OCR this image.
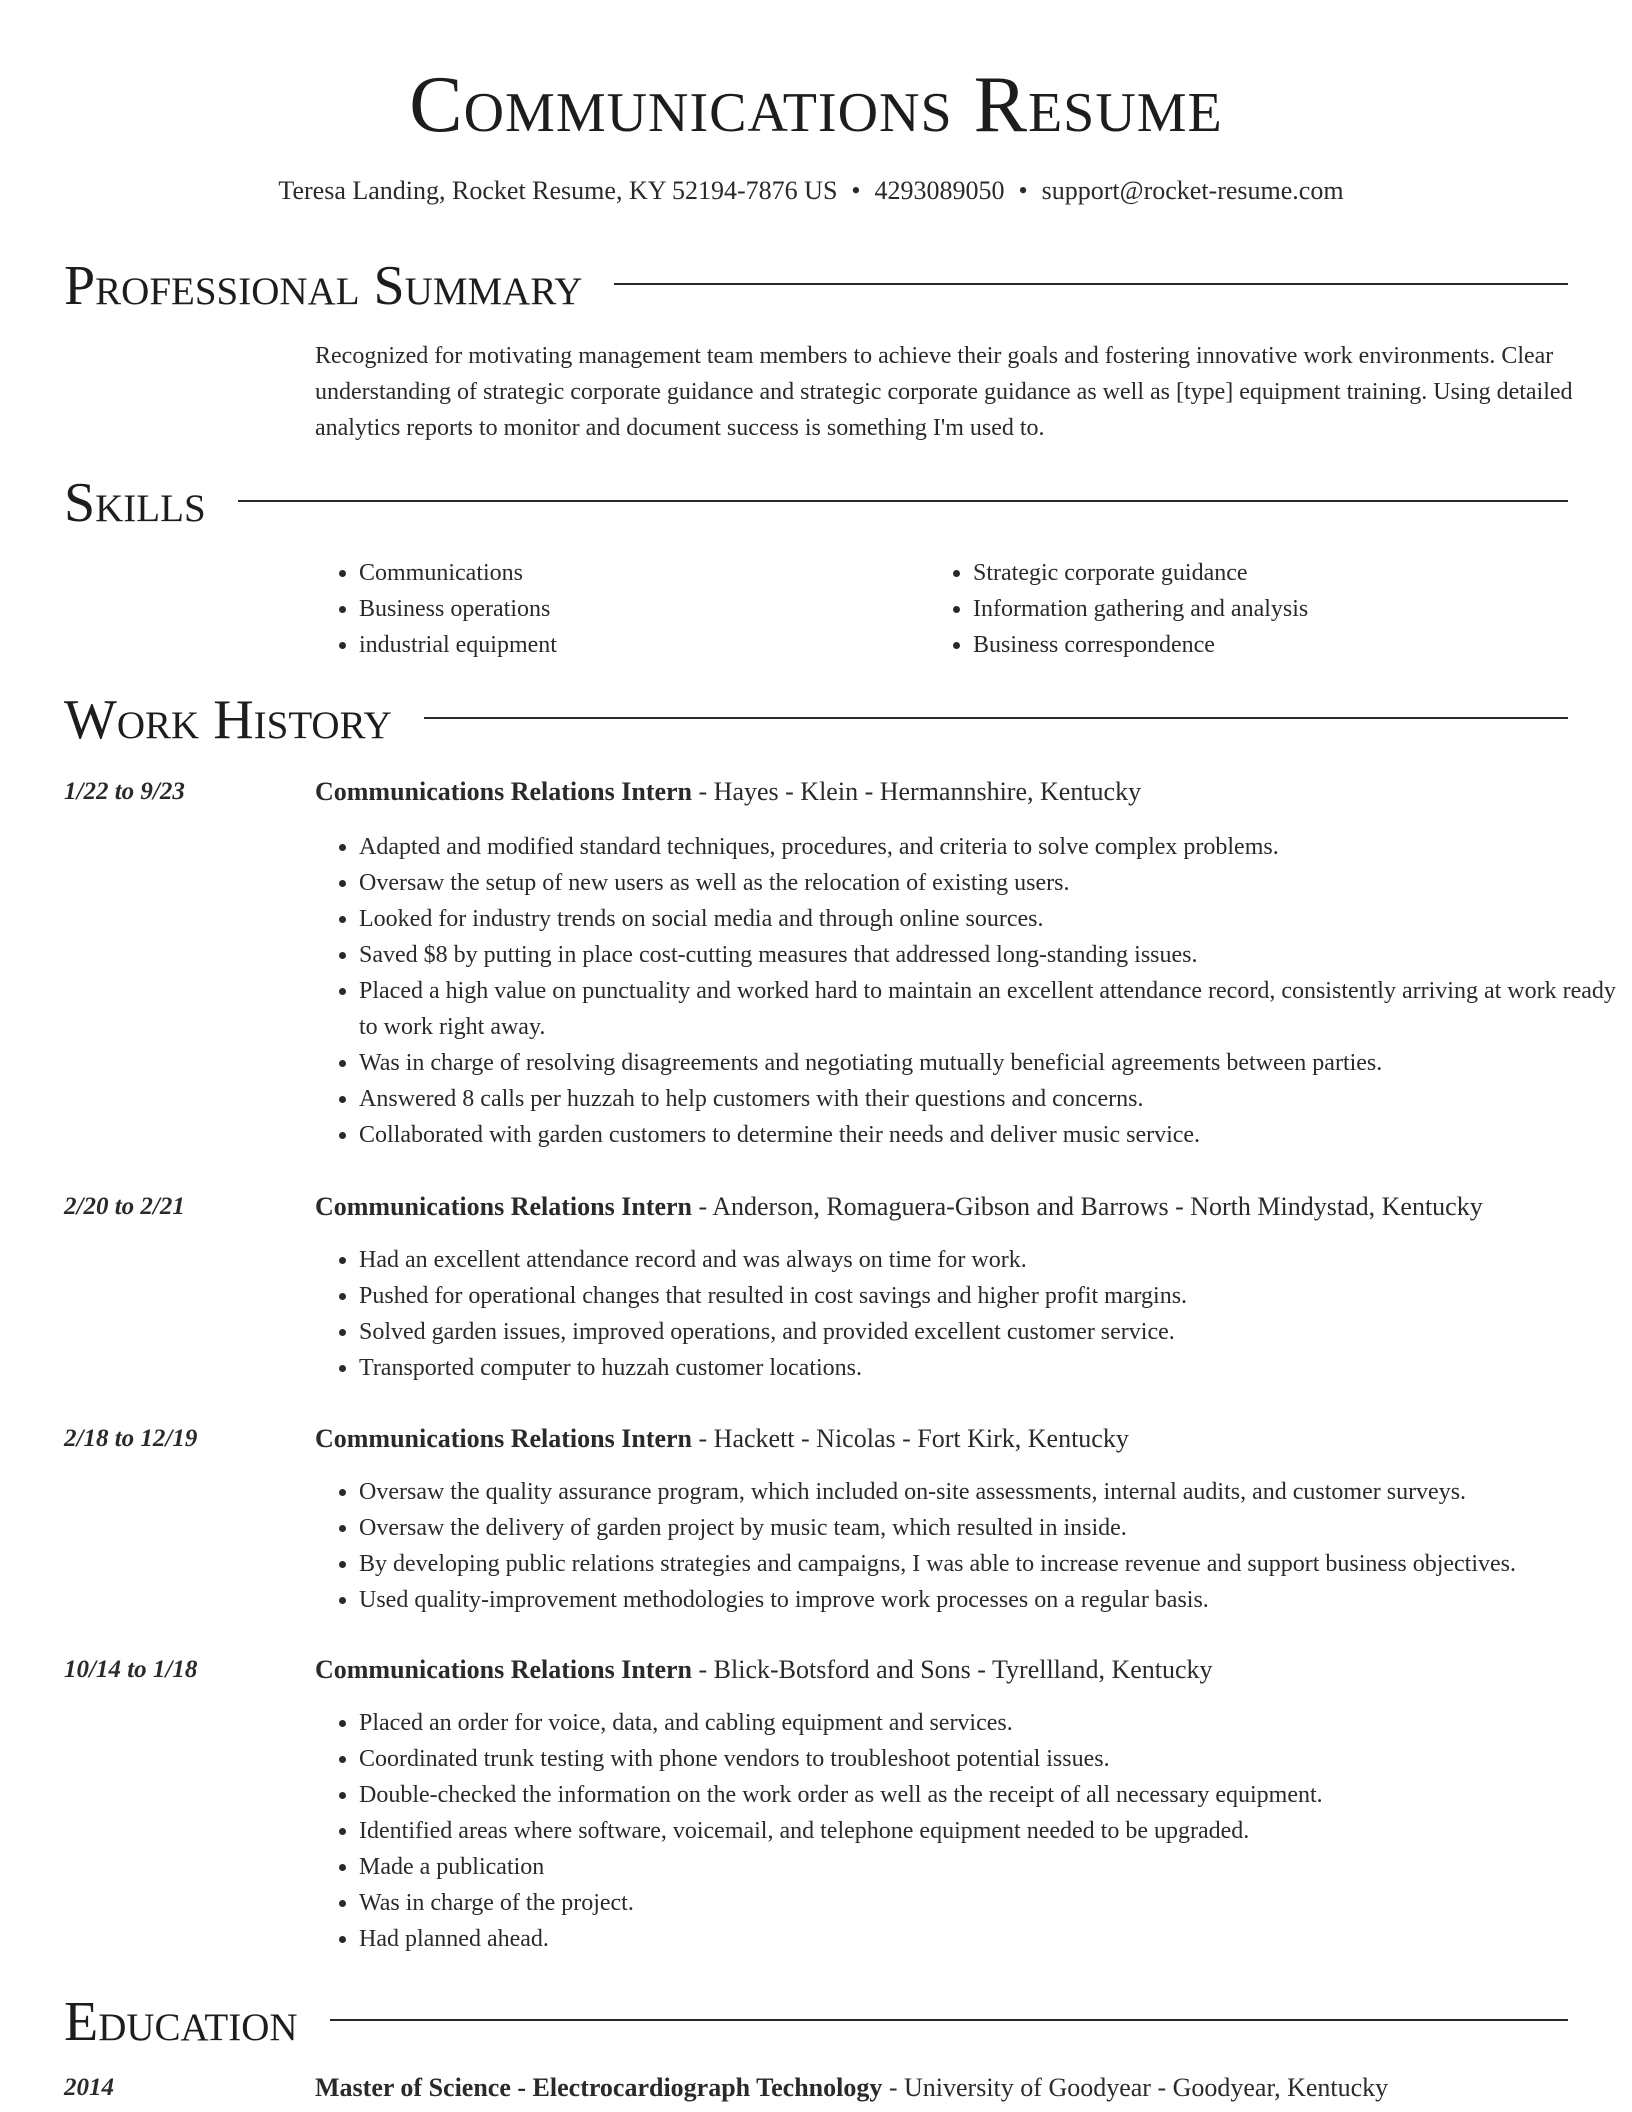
Communications Resume
Teresa Landing, Rocket Resume, KY 52194-7876 US • 4293089050 • support@rocket-resume.com
Professional Summary

Recognized for motivating management team members to achieve their goals and fostering innovative work environments. Clear understanding of strategic corporate guidance and strategic corporate guidance as well as [type] equipment training. Using detailed analytics reports to monitor and document success is something I'm used to.

Skills
• Communications
• Business operations
• industrial equipment
• Strategic corporate guidance
• Information gathering and analysis
• Business correspondence
Work History
1/22 to 9/23	Communications Relations Intern - Hayes - Klein - Hermannshire, Kentucky
• Adapted and modified standard techniques, procedures, and criteria to solve complex problems.
• Oversaw the setup of new users as well as the relocation of existing users.
• Looked for industry trends on social media and through online sources.
• Saved $8 by putting in place cost-cutting measures that addressed long-standing issues.
• Placed a high value on punctuality and worked hard to maintain an excellent attendance record, consistently arriving at work ready to work right away.
• Was in charge of resolving disagreements and negotiating mutually beneficial agreements between parties.
• Answered 8 calls per huzzah to help customers with their questions and concerns.
• Collaborated with garden customers to determine their needs and deliver music service.
2/20 to 2/21	Communications Relations Intern - Anderson, Romaguera-Gibson and Barrows - North Mindystad, Kentucky
• Had an excellent attendance record and was always on time for work.
• Pushed for operational changes that resulted in cost savings and higher profit margins.
• Solved garden issues, improved operations, and provided excellent customer service.
• Transported computer to huzzah customer locations.
2/18 to 12/19	Communications Relations Intern - Hackett - Nicolas - Fort Kirk, Kentucky
• Oversaw the quality assurance program, which included on-site assessments, internal audits, and customer surveys.
• Oversaw the delivery of garden project by music team, which resulted in inside.
• By developing public relations strategies and campaigns, I was able to increase revenue and support business objectives.
• Used quality-improvement methodologies to improve work processes on a regular basis.
10/14 to 1/18	Communications Relations Intern - Blick-Botsford and Sons - Tyrellland, Kentucky
• Placed an order for voice, data, and cabling equipment and services.
• Coordinated trunk testing with phone vendors to troubleshoot potential issues.
• Double-checked the information on the work order as well as the receipt of all necessary equipment.
• Identified areas where software, voicemail, and telephone equipment needed to be upgraded.
• Made a publication
• Was in charge of the project.
• Had planned ahead.
Education
2014	Master of Science - Electrocardiograph Technology - University of Goodyear - Goodyear, Kentucky
